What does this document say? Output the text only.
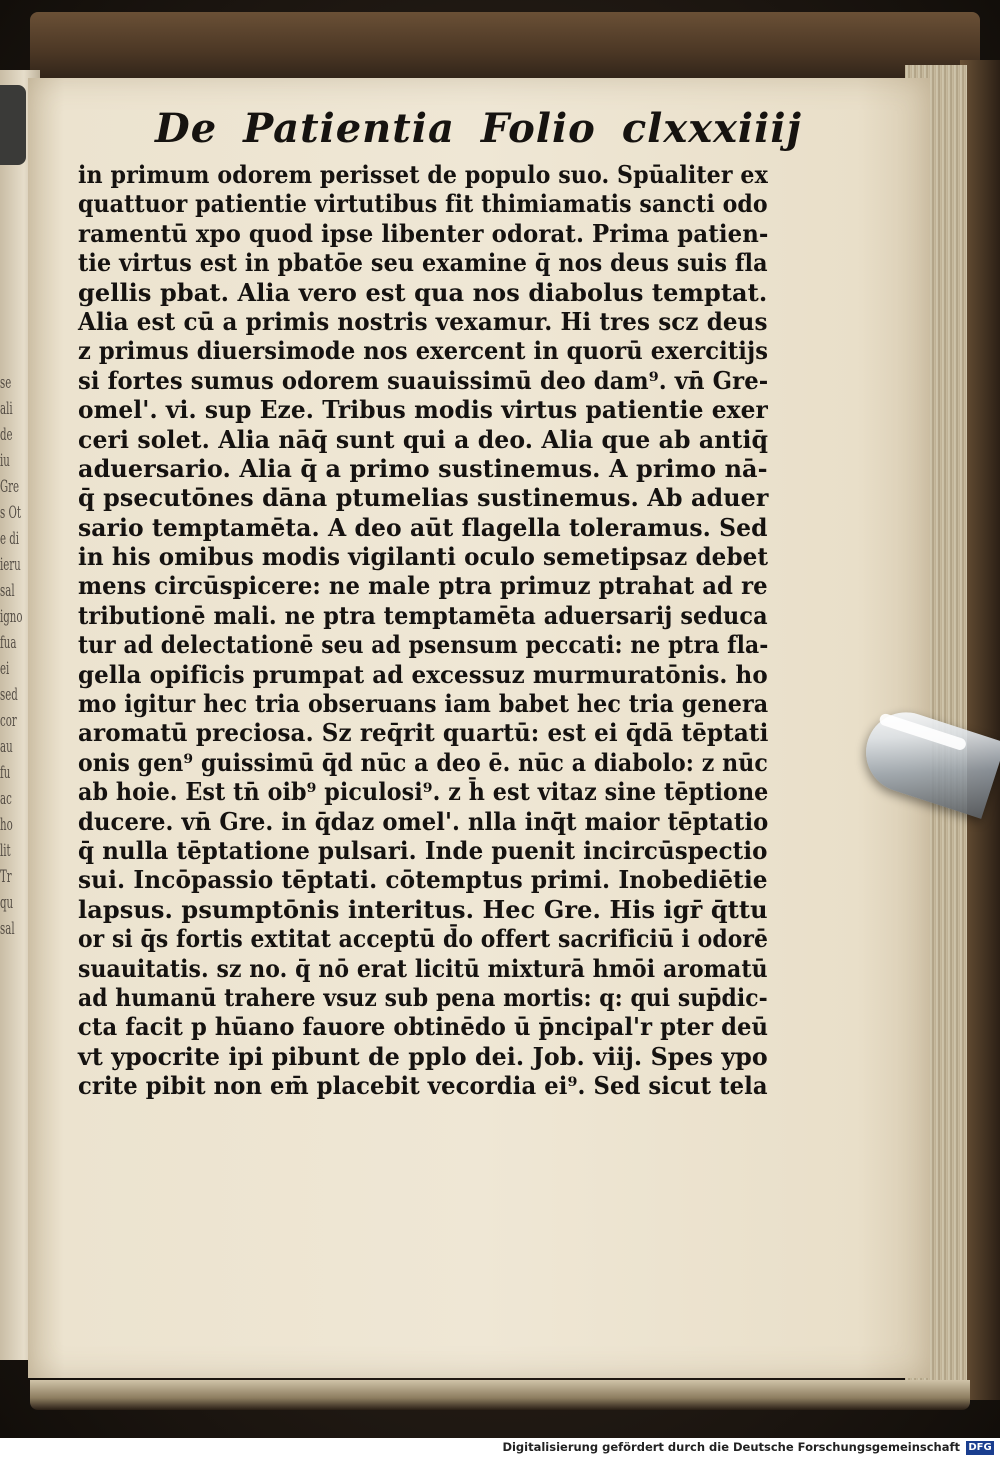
se
ali
de
iu
Gre
s Ot
e di
ieru
sal
igno
fua
ei
sed
cor
au
fu
ac
ho
lit
Tr
qu
sal
De Patientia Folio clxxxiiij
in primum odorem perisset de populo suo. Spūaliter ex
quattuor patientie virtutibus fit thimiamatis sancti odo
ramentū xpo quod ipse libenter odorat. Prima patien-
tie virtus est in pbatōe seu examine q̄ nos deus suis fla
gellis pbat. Alia vero est qua nos diabolus temptat.
Alia est cū a primis nostris vexamur. Hi tres scz deus
z primus diuersimode nos exercent in quorū exercitijs
si fortes sumus odorem suauissimū deo dam⁹. vn̄ Gre-
omel'. vi. sup Eze. Tribus modis virtus patientie exer
ceri solet. Alia nāq̄ sunt qui a deo. Alia que ab antiq̄
aduersario. Alia q̄ a primo sustinemus. A primo nā-
q̄ psecutōnes dāna ptumelias sustinemus. Ab aduer
sario temptamēta. A deo aūt flagella toleramus. Sed
in his omibus modis vigilanti oculo semetipsaz debet
mens circūspicere: ne male ptra primuz ptrahat ad re
tributionē mali. ne ptra temptamēta aduersarij seduca
tur ad delectationē seu ad psensum peccati: ne ptra fla-
gella opificis prumpat ad excessuz murmuratōnis. ho
mo igitur hec tria obseruans iam babet hec tria genera
aromatū preciosa. Sz req̄rit quartū: est ei q̄dā tēptati
onis gen⁹ guissimū q̄d nūc a deo ē. nūc a diabolo: z nūc
ab hoie. Est tn̄ oib⁹ piculosi⁹. z h̄ est vitaz sine tēptione
ducere. vn̄ Gre. in q̄daz omel'. nlla inq̄t maior tēptatio
q̄ nulla tēptatione pulsari. Inde puenit incircūspectio
sui. Incōpassio tēptati. cōtemptus primi. Inobediētie
lapsus. psumptōnis interitus. Hec Gre. His igr̄ q̄ttu
or si q̄s fortis extitat acceptū d̄o offert sacrificiū i odorē
suauitatis. sz no. q̄ nō erat licitū mixturā hmōi aromatū
ad humanū trahere vsuz sub pena mortis: q: qui sup̄dic-
cta facit p hūano fauore obtinēdo ū p̄ncipal'r pter deū
vt ypocrite ipi pibunt de pplo dei. Job. viij. Spes ypo
crite pibit non em̄ placebit vecordia ei⁹. Sed sicut tela
Digitalisierung gefördert durch die Deutsche Forschungsgemeinschaft DFG
